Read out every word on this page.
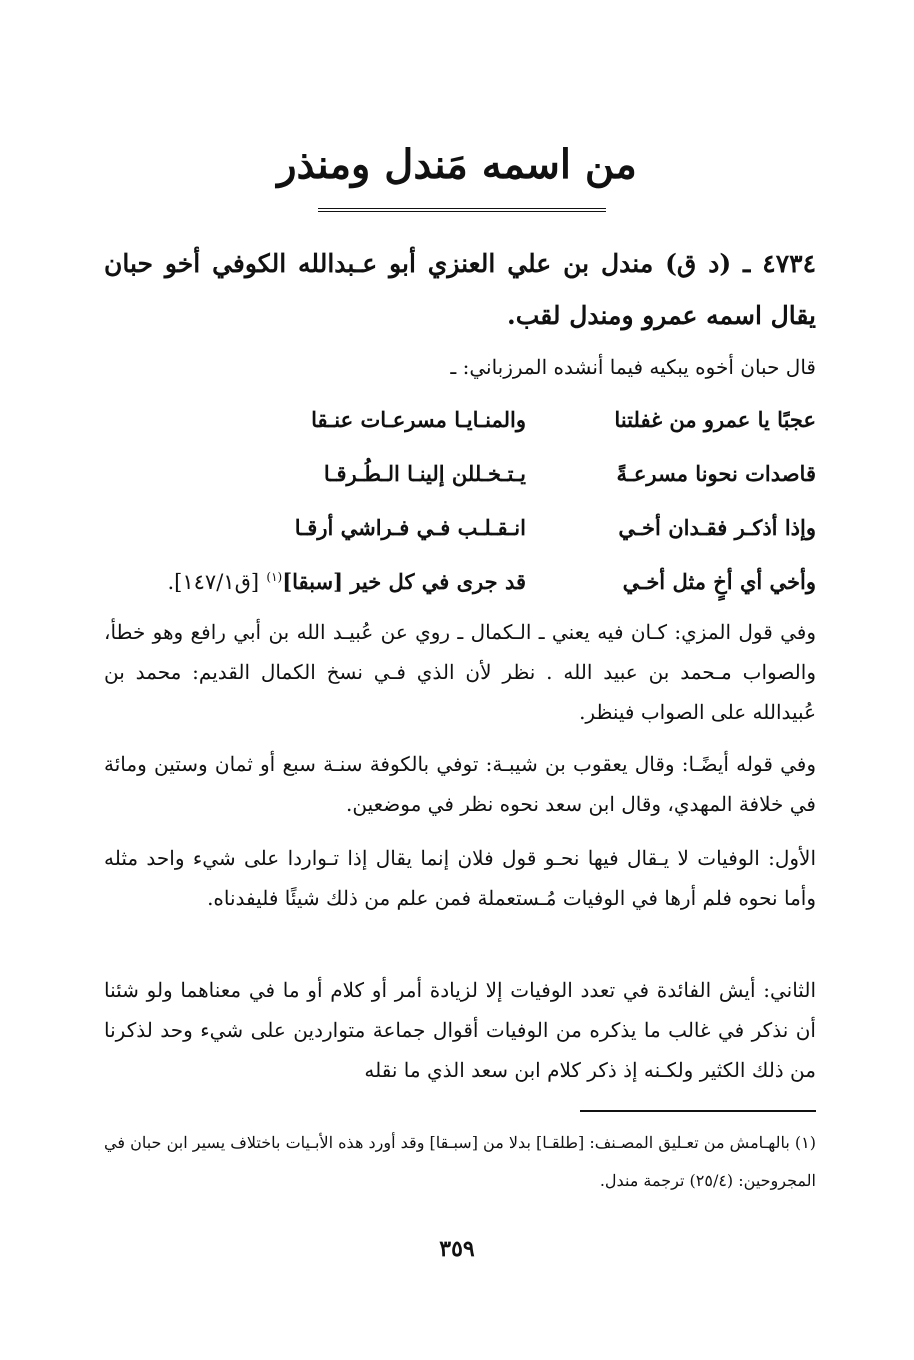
من اسمه مَندل ومنذر
٤٧٣٤ ـ (د ق) مندل بن علي العنزي أبو عـبدالله الكوفي أخو حبان يقال اسمه عمرو ومندل لقب.
قال حبان أخوه يبكيه فيما أنشده المرزباني: ـ
عجبًا يا عمرو من غفلتنا
والمنـايـا مسرعـات عنـقا
قاصدات نحونا مسرعـةً
يـتـخـللن إلينـا الـطُـرقـا
وإذا أذكـر فقـدان أخـي
انـقـلـب فـي فـراشي أرقـا
وأخي أي أخٍ مثل أخـي
قد جرى في كل خير [سبقا]$^{(١)}$ [ق١٤٧/١].
وفي قول المزي: كـان فيه يعني ـ الـكمال ـ روي عن عُبيـد الله بن أبي رافع وهو خطأ، والصواب مـحمد بن عبيد الله . نظر لأن الذي فـي نسخ الكمال القديم: محمد بن عُبيدالله على الصواب فينظر.
وفي قوله أيضًـا: وقال يعقوب بن شيبـة: توفي بالكوفة سنـة سبع أو ثمان وستين ومائة في خلافة المهدي، وقال ابن سعد نحوه نظر في موضعين.
الأول: الوفيات لا يـقال فيها نحـو قول فلان إنما يقال إذا تـواردا على شيء واحد مثله وأما نحوه فلم أرها في الوفيات مُـستعملة فمن علم من ذلك شيئًا فليفدناه.
الثاني: أيش الفائدة في تعدد الوفيات إلا لزيادة أمر أو كلام أو ما في معناهما ولو شئنا أن نذكر في غالب ما يذكره من الوفيات أقوال جماعة متواردين على شيء وحد لذكرنا من ذلك الكثير ولكـنه إذ ذكر كلام ابن سعد الذي ما نقله
(١) بالهـامش من تعـليق المصـنف: [طلقـا] بدلا من [سبـقا] وقد أورد هذه الأبـيات باختلاف يسير ابن حبان في المجروحين: (٢٥/٤) ترجمة مندل.
٣٥٩
